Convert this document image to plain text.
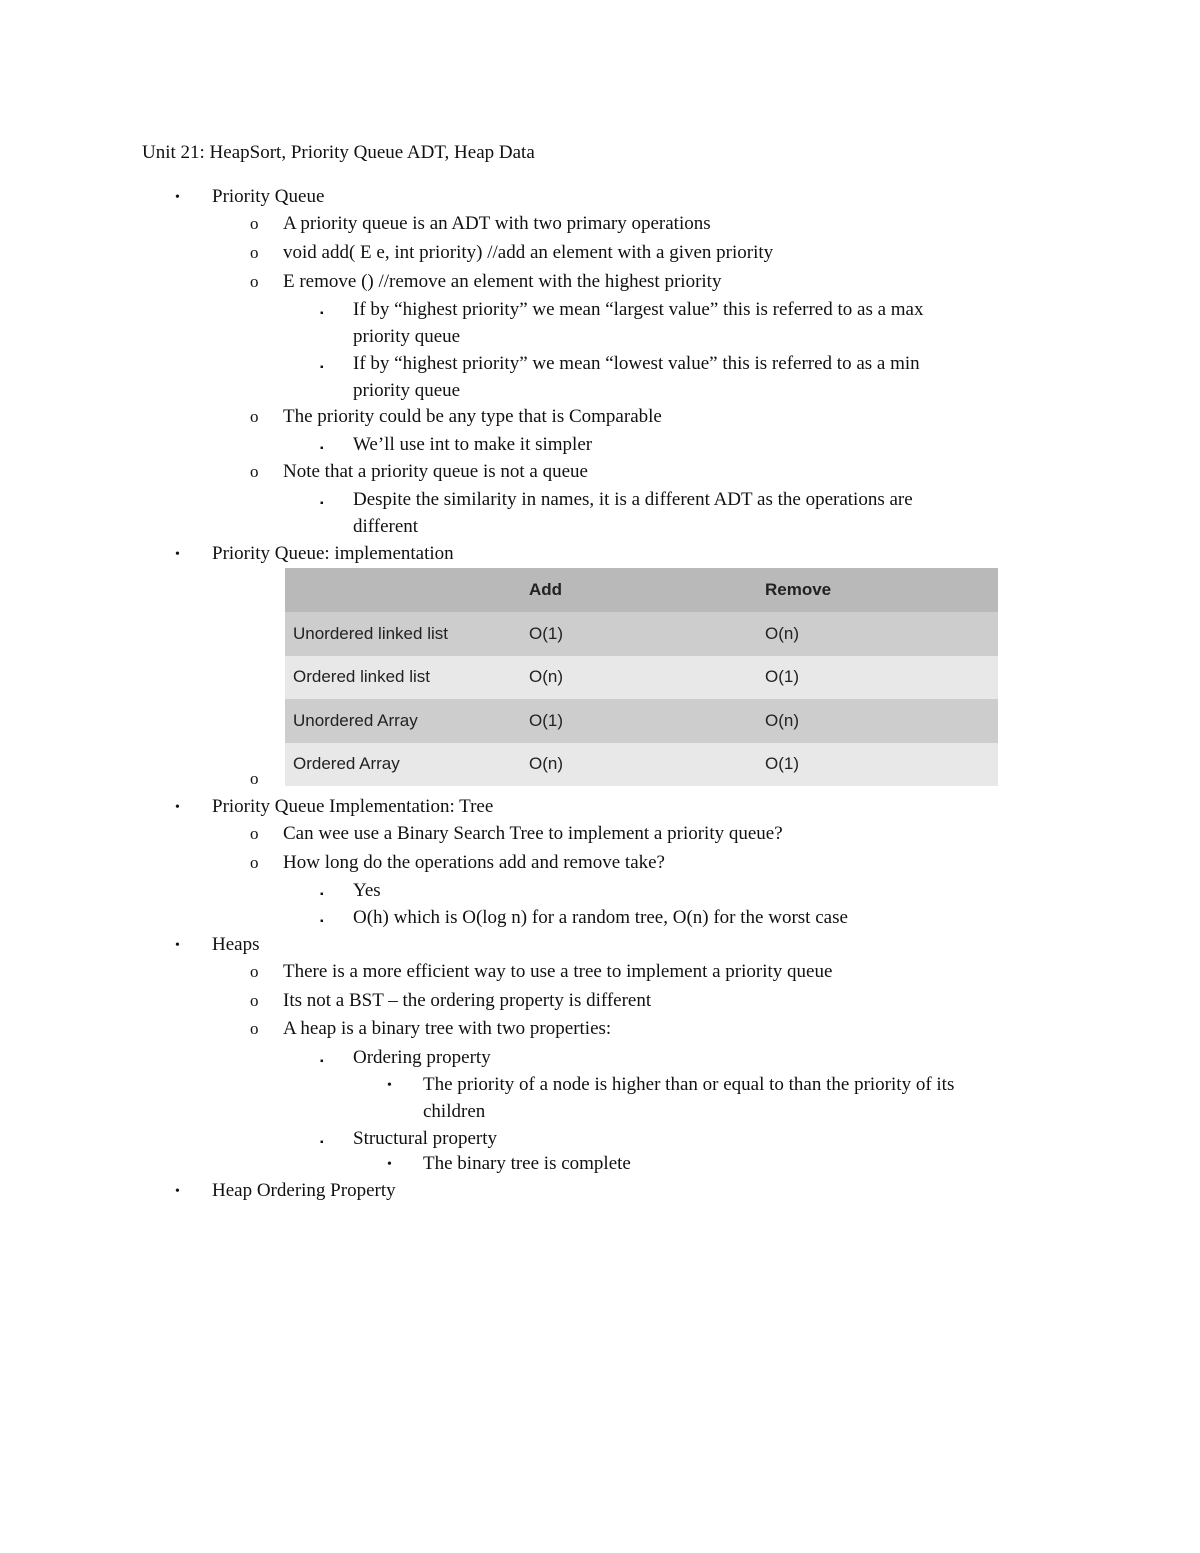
Unit 21: HeapSort, Priority Queue ADT, Heap Data
• Priority Queue
o A priority queue is an ADT with two primary operations
o void add( E e, int priority) //add an element with a given priority
o E remove () //remove an element with the highest priority
▪ If by “highest priority” we mean “largest value” this is referred to as a max
priority queue
▪ If by “highest priority” we mean “lowest value” this is referred to as a min
priority queue
o The priority could be any type that is Comparable
▪ We’ll use int to make it simpler
o Note that a priority queue is not a queue
▪ Despite the similarity in names, it is a different ADT as the operations are
different
• Priority Queue: implementation
o
	Add	Remove
Unordered linked list	O(1)	O(n)
Ordered linked list	O(n)	O(1)
Unordered Array	O(1)	O(n)
Ordered Array	O(n)	O(1)
• Priority Queue Implementation: Tree
o Can wee use a Binary Search Tree to implement a priority queue?
o How long do the operations add and remove take?
▪ Yes
▪ O(h) which is O(log n) for a random tree, O(n) for the worst case
• Heaps
o There is a more efficient way to use a tree to implement a priority queue
o Its not a BST – the ordering property is different
o A heap is a binary tree with two properties:
▪ Ordering property
• The priority of a node is higher than or equal to than the priority of its
children
▪ Structural property
• The binary tree is complete
• Heap Ordering Property
